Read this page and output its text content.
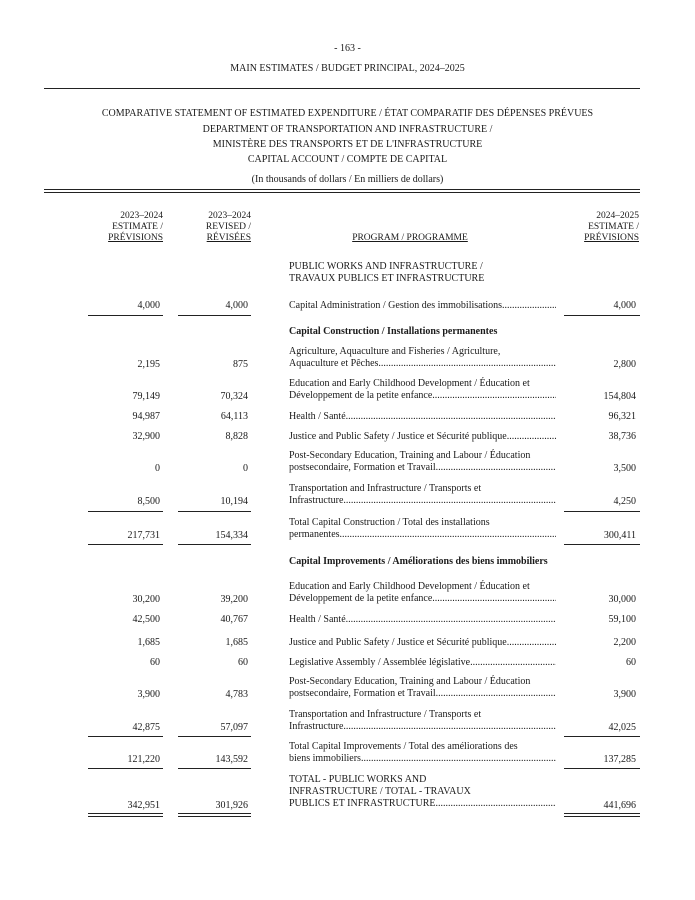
- 163 -
MAIN ESTIMATES / BUDGET PRINCIPAL, 2024–2025
COMPARATIVE STATEMENT OF ESTIMATED EXPENDITURE / ÉTAT COMPARATIF DES DÉPENSES PRÉVUES
DEPARTMENT OF TRANSPORTATION AND INFRASTRUCTURE /
MINISTÈRE DES TRANSPORTS ET DE L'INFRASTRUCTURE
CAPITAL ACCOUNT / COMPTE DE CAPITAL
(In thousands of dollars / En milliers de dollars)
2023–2024
ESTIMATE /
PRÉVISIONS
2023–2024
REVISED /
RÉVISÉES	PROGRAM / PROGRAMME
2024–2025
ESTIMATE /
PRÉVISIONS
PUBLIC WORKS AND INFRASTRUCTURE /
TRAVAUX PUBLICS ET INFRASTRUCTURE
4,000	4,000	Capital Administration / Gestion des immobilisations
.....	4,000
Capital Construction / Installations permanentes
Agriculture, Aquaculture and Fisheries / Agriculture,
Aquaculture et Pêches
.....
2,195	875	2,800
Education and Early Childhood Development / Éducation et
Développement de la petite enfance
.....
79,149	70,324	154,804
Health / Santé
.....
94,987	64,113	96,321
Justice and Public Safety / Justice et Sécurité publique
.....
32,900	8,828	38,736
Post-Secondary Education, Training and Labour / Éducation
postsecondaire, Formation et Travail
.....
0	0	3,500
Transportation and Infrastructure / Transports et
Infrastructure
.....
8,500	10,194	4,250
Total Capital Construction / Total des installations
permanentes
.....
217,731	154,334	300,411
Capital Improvements / Améliorations des biens immobiliers
Education and Early Childhood Development / Éducation et
Développement de la petite enfance
.....
30,200	39,200	30,000
Health / Santé
.....
42,500	40,767	59,100
Justice and Public Safety / Justice et Sécurité publique
.....
1,685	1,685	2,200
Legislative Assembly / Assemblée législative
.....
60	60	60
Post-Secondary Education, Training and Labour / Éducation
postsecondaire, Formation et Travail
.....
3,900	4,783	3,900
Transportation and Infrastructure / Transports et
Infrastructure
.....
42,875	57,097	42,025
Total Capital Improvements / Total des améliorations des
biens immobiliers
.....
121,220	143,592	137,285
TOTAL - PUBLIC WORKS AND
INFRASTRUCTURE / TOTAL - TRAVAUX
PUBLICS ET INFRASTRUCTURE
.....
342,951	301,926	441,696
